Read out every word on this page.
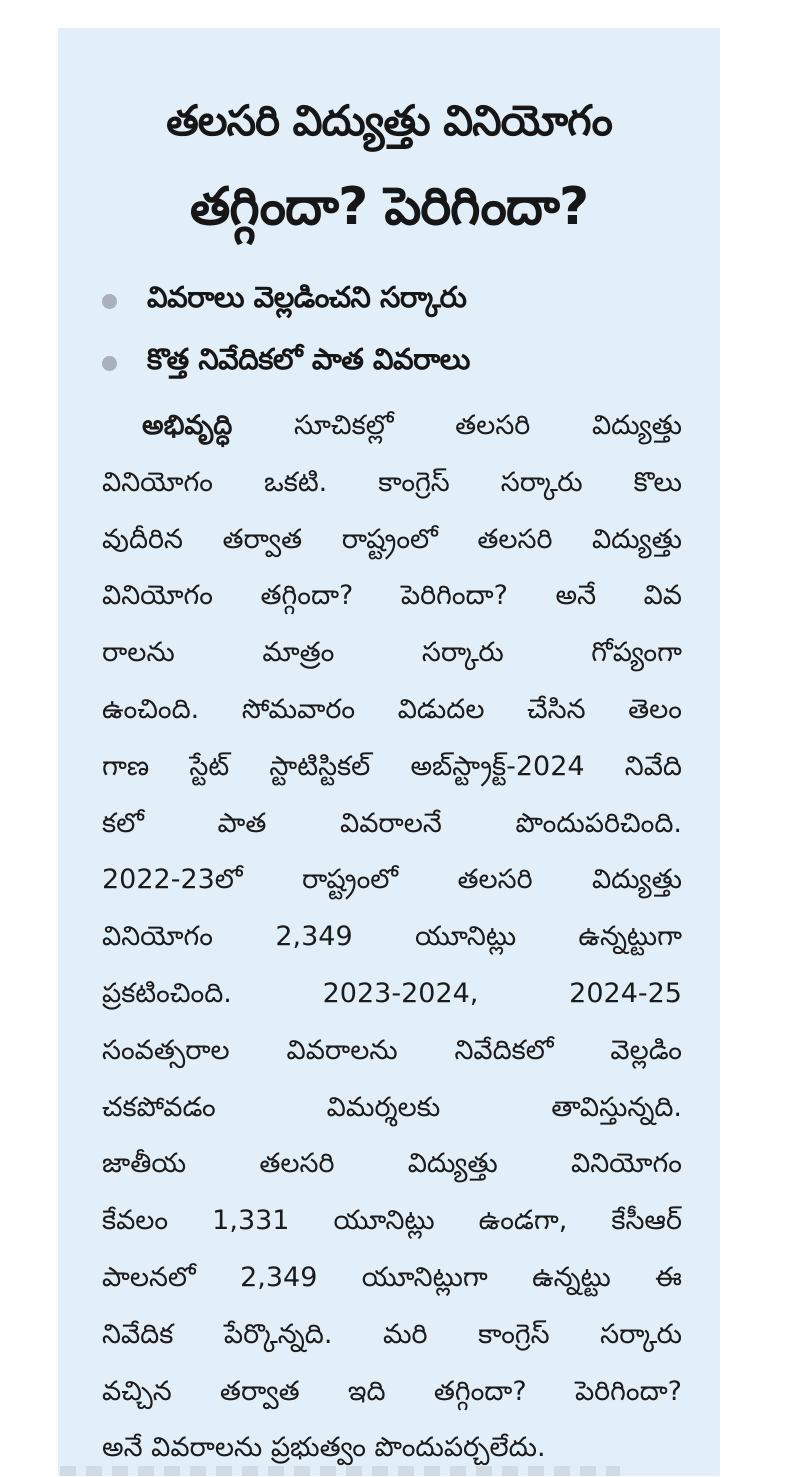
తలసరి విద్యుత్తు వినియోగం
తగ్గిందా? పెరిగిందా?
వివరాలు వెల్లడించని సర్కారు
కొత్త నివేదికలో పాత వివరాలు
అభివృద్ధి సూచికల్లో తలసరి విద్యుత్తు
వినియోగం ఒకటి. కాంగ్రెస్ సర్కారు కొలు
వుదీరిన తర్వాత రాష్ట్రంలో తలసరి విద్యుత్తు
వినియోగం తగ్గిందా? పెరిగిందా? అనే వివ
రాలను మాత్రం సర్కారు గోప్యంగా
ఉంచింది. సోమవారం విడుదల చేసిన తెలం
గాణ స్టేట్ స్టాటిస్టికల్ అబ్‌స్ట్రాక్ట్-2024 నివేది
కలో పాత వివరాలనే పొందుపరిచింది.
2022-23లో రాష్ట్రంలో తలసరి విద్యుత్తు
వినియోగం 2,349 యూనిట్లు ఉన్నట్టుగా
ప్రకటించింది. 2023-2024, 2024-25
సంవత్సరాల వివరాలను నివేదికలో వెల్లడిం
చకపోవడం విమర్శలకు తావిస్తున్నది.
జాతీయ తలసరి విద్యుత్తు వినియోగం
కేవలం 1,331 యూనిట్లు ఉండగా, కేసీఆర్
పాలనలో 2,349 యూనిట్లుగా ఉన్నట్టు ఈ
నివేదిక పేర్కొన్నది. మరి కాంగ్రెస్ సర్కారు
వచ్చిన తర్వాత ఇది తగ్గిందా? పెరిగిందా?
అనే వివరాలను ప్రభుత్వం పొందుపర్చలేదు.
